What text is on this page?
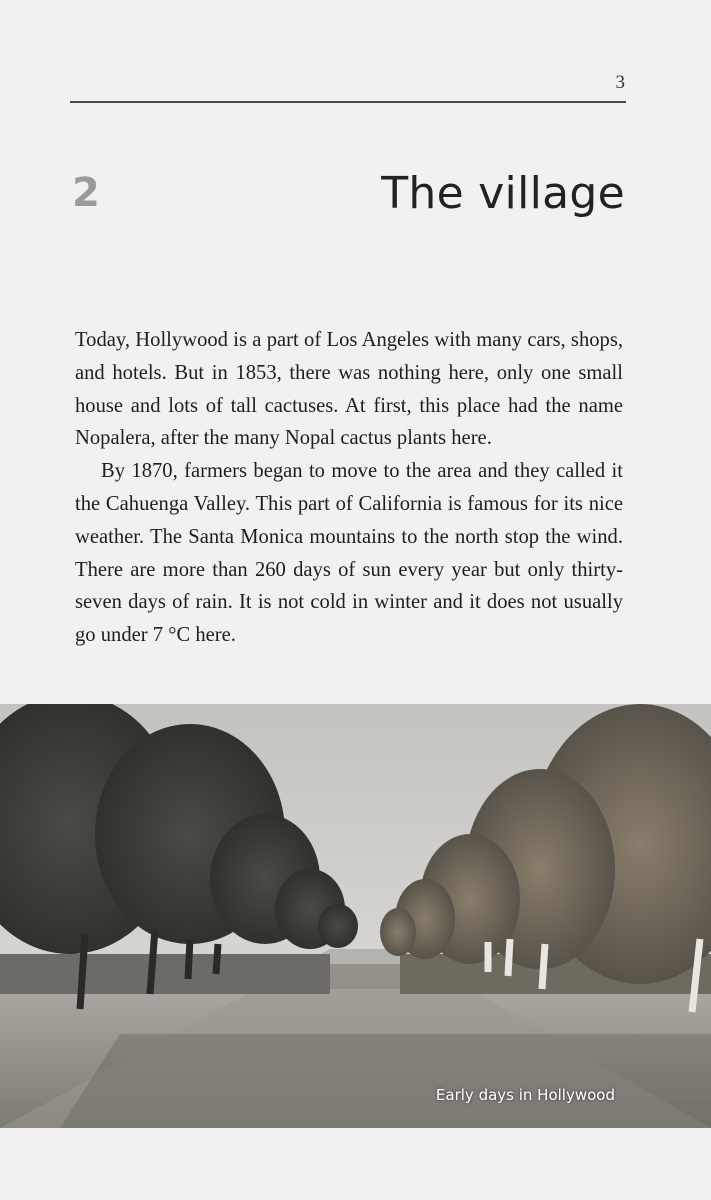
3
2	The village

Today, Hollywood is a part of Los Angeles with many cars, shops, and hotels. But in 1853, there was nothing here, only one small house and lots of tall cactuses. At first, this place had the name Nopalera, after the many Nopal cactus plants here.

By 1870, farmers began to move to the area and they called it the Cahuenga Valley. This part of California is famous for its nice weather. The Santa Monica mountains to the north stop the wind. There are more than 260 days of sun every year but only thirty-seven days of rain. It is not cold in winter and it does not usually go under 7 °C here.

Early days in Hollywood
